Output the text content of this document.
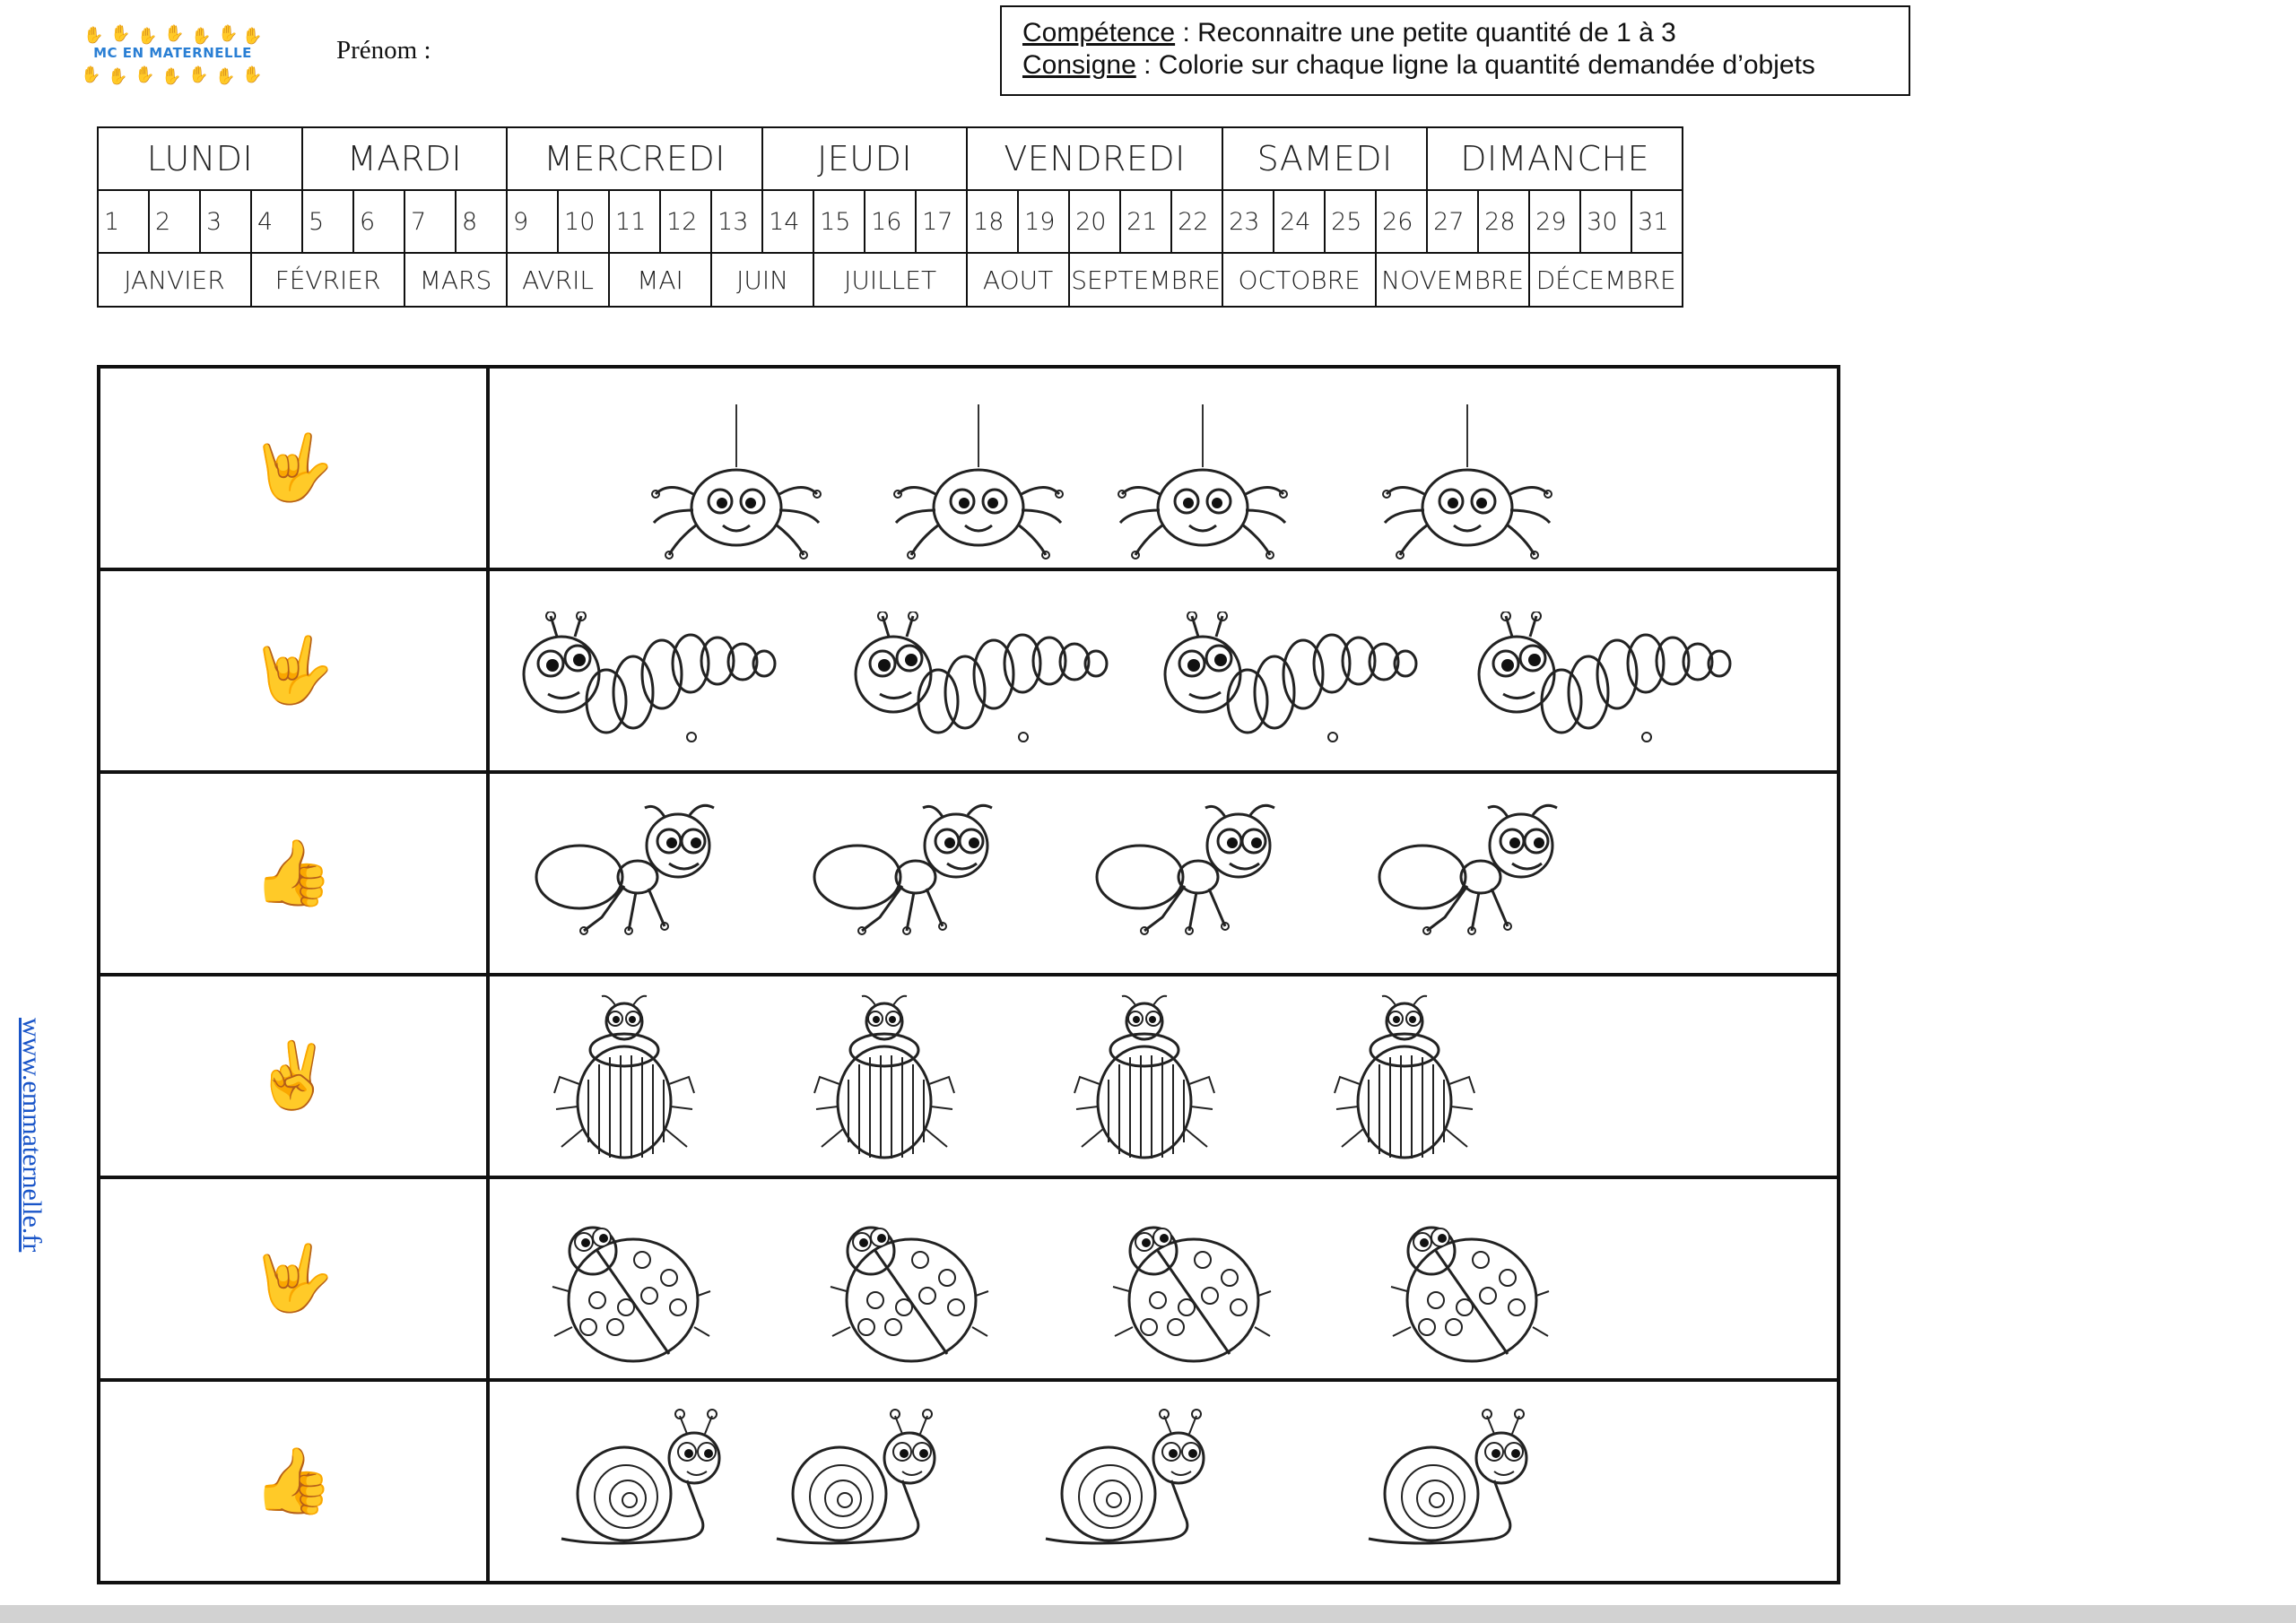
✋ ✋ ✋ ✋ ✋ ✋ ✋
MC EN MATERNELLE
✋ ✋ ✋ ✋ ✋ ✋ ✋
Prénom :
Compétence : Reconnaitre une petite quantité de 1 à 3
Consigne : Colorie sur chaque ligne la quantité demandée d’objets
LUNDI				MARDI				MERCREDI					JEUDI				VENDREDI					SAMEDI				DIMANCHE				
1	2	3	4	5	6	7	8	9	10	11	12	13	14	15	16	17	18	19	20	21	22	23	24	25	26	27	28	29	30	31
JANVIER			FÉVRIER			MARS		AVRIL		MAI		JUIN		JUILLET			AOUT		SEPTEMBRE			OCTOBRE			NOVEMBRE			DÉCEMBRE		
🤟	

🤟	

👍	

✌	

🤟	

👍	
www.emmaternelle.fr
